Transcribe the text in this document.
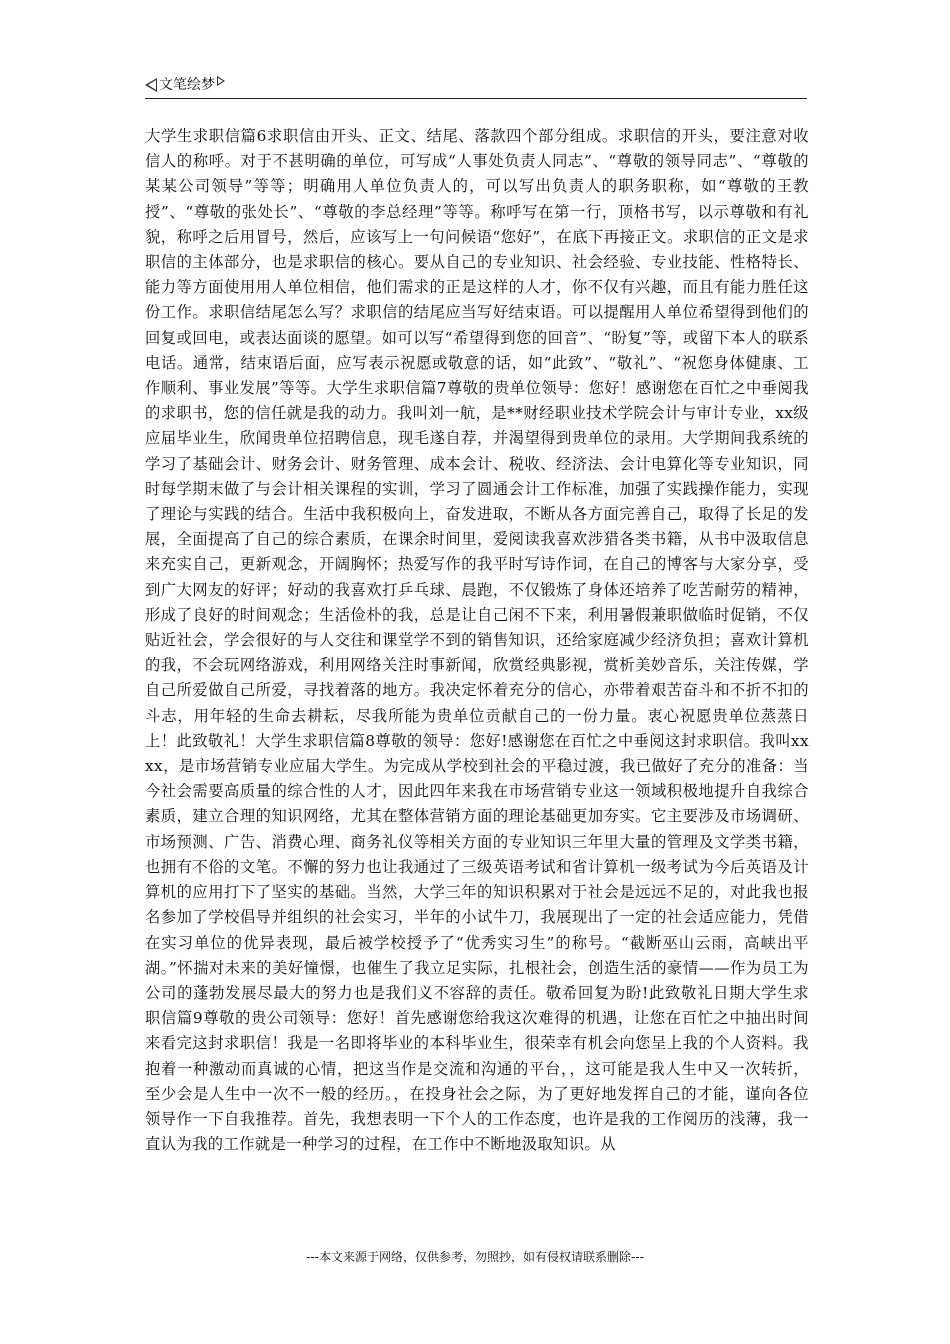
文笔绘梦
大学生求职信篇6求职信由开头、正文、结尾、落款四个部分组成。求职信的开头，要注意对收信人的称呼。对于不甚明确的单位，可写成“人事处负责人同志”、“尊敬的领导同志”、“尊敬的某某公司领导”等等；明确用人单位负责人的，可以写出负责人的职务职称，如“尊敬的王教授”、“尊敬的张处长”、“尊敬的李总经理”等等。称呼写在第一行，顶格书写，以示尊敬和有礼貌，称呼之后用冒号，然后，应该写上一句问候语“您好”，在底下再接正文。求职信的正文是求职信的主体部分，也是求职信的核心。要从自己的专业知识、社会经验、专业技能、性格特长、能力等方面使用用人单位相信，他们需求的正是这样的人才，你不仅有兴趣，而且有能力胜任这份工作。求职信结尾怎么写？求职信的结尾应当写好结束语。可以提醒用人单位希望得到他们的回复或回电，或表达面谈的愿望。如可以写“希望得到您的回音”、“盼复”等，或留下本人的联系电话。通常，结束语后面，应写表示祝愿或敬意的话，如“此致”、“敬礼”、“祝您身体健康、工作顺利、事业发展”等等。大学生求职信篇7尊敬的贵单位领导：您好！感谢您在百忙之中垂阅我的求职书，您的信任就是我的动力。我叫刘一航，是**财经职业技术学院会计与审计专业，xx级应届毕业生，欣闻贵单位招聘信息，现毛遂自荐，并渴望得到贵单位的录用。大学期间我系统的学习了基础会计、财务会计、财务管理、成本会计、税收、经济法、会计电算化等专业知识，同时每学期末做了与会计相关课程的实训，学习了圆通会计工作标准，加强了实践操作能力，实现了理论与实践的结合。生活中我积极向上，奋发进取，不断从各方面完善自己，取得了长足的发展，全面提高了自己的综合素质，在课余时间里，爱阅读我喜欢涉猎各类书籍，从书中汲取信息来充实自己，更新观念，开阔胸怀；热爱写作的我平时写诗作词，在自己的博客与大家分享，受到广大网友的好评；好动的我喜欢打乒乓球、晨跑，不仅锻炼了身体还培养了吃苦耐劳的精神，形成了良好的时间观念；生活俭朴的我，总是让自己闲不下来，利用暑假兼职做临时促销，不仅贴近社会，学会很好的与人交往和课堂学不到的销售知识，还给家庭减少经济负担；喜欢计算机的我，不会玩网络游戏，利用网络关注时事新闻，欣赏经典影视，赏析美妙音乐，关注传媒，学自己所爱做自己所爱，寻找着落的地方。我决定怀着充分的信心，亦带着艰苦奋斗和不折不扣的斗志，用年轻的生命去耕耘，尽我所能为贵单位贡献自己的一份力量。衷心祝愿贵单位蒸蒸日上！此致敬礼！大学生求职信篇8尊敬的领导：您好!感谢您在百忙之中垂阅这封求职信。我叫xxxx，是市场营销专业应届大学生。为完成从学校到社会的平稳过渡，我已做好了充分的准备：当今社会需要高质量的综合性的人才，因此四年来我在市场营销专业这一领域积极地提升自我综合素质，建立合理的知识网络，尤其在整体营销方面的理论基础更加夯实。它主要涉及市场调研、市场预测、广告、消费心理、商务礼仪等相关方面的专业知识三年里大量的管理及文学类书籍，也拥有不俗的文笔。不懈的努力也让我通过了三级英语考试和省计算机一级考试为今后英语及计算机的应用打下了坚实的基础。当然，大学三年的知识积累对于社会是远远不足的，对此我也报名参加了学校倡导并组织的社会实习，半年的小试牛刀，我展现出了一定的社会适应能力，凭借在实习单位的优异表现，最后被学校授予了“优秀实习生”的称号。“截断巫山云雨，高峡出平湖。”怀揣对未来的美好憧憬，也催生了我立足实际，扎根社会，创造生活的豪情——作为员工为公司的蓬勃发展尽最大的努力也是我们义不容辞的责任。敬希回复为盼!此致敬礼日期大学生求职信篇9尊敬的贵公司领导：您好！首先感谢您给我这次难得的机遇，让您在百忙之中抽出时间来看完这封求职信！我是一名即将毕业的本科毕业生，很荣幸有机会向您呈上我的个人资料。我抱着一种激动而真诚的心情，把这当作是交流和沟通的平台，，这可能是我人生中又一次转折，至少会是人生中一次不一般的经历。，在投身社会之际，为了更好地发挥自己的才能，谨向各位领导作一下自我推荐。首先，我想表明一下个人的工作态度，也许是我的工作阅历的浅薄，我一直认为我的工作就是一种学习的过程，在工作中不断地汲取知识。从
---本文来源于网络，仅供参考，勿照抄，如有侵权请联系删除---
